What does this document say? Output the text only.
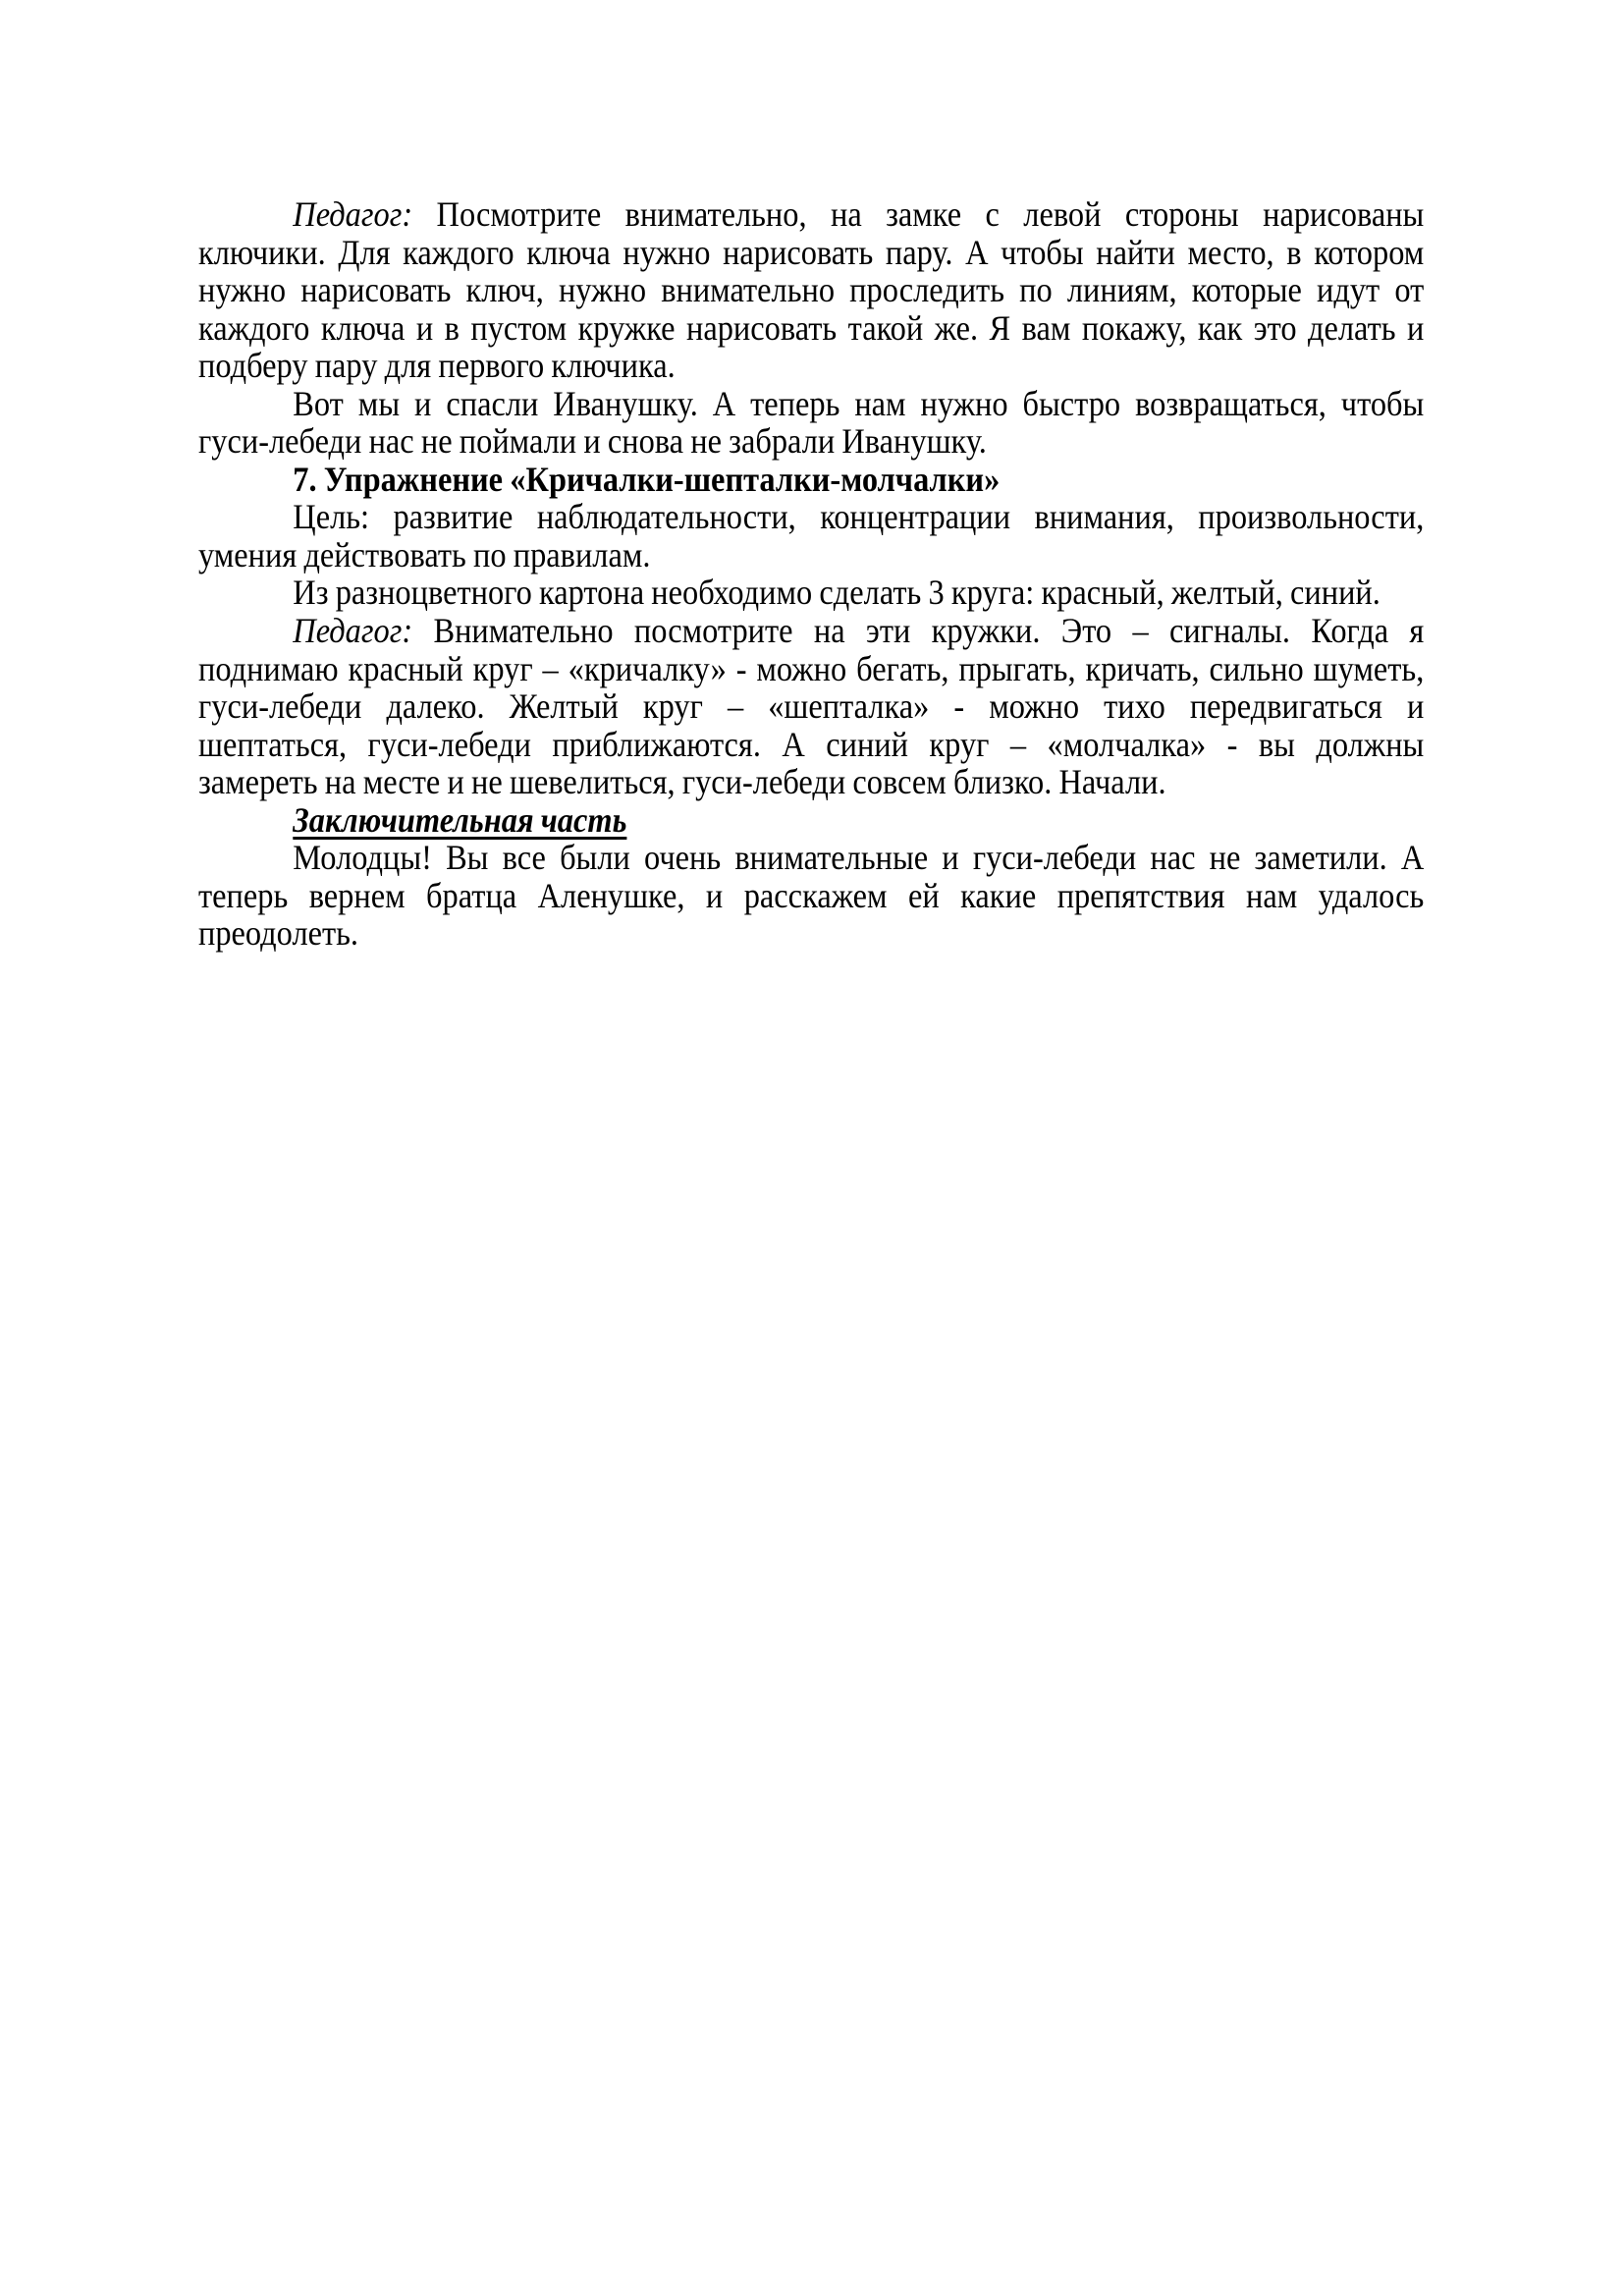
Педагог: Посмотрите внимательно, на замке с левой стороны нарисованы
ключики. Для каждого ключа нужно нарисовать пару. А чтобы найти место, в котором
нужно нарисовать ключ, нужно внимательно проследить по линиям, которые идут от
каждого ключа и в пустом кружке нарисовать такой же. Я вам покажу, как это делать и
подберу пару для первого ключика.
Вот мы и спасли Иванушку. А теперь нам нужно быстро возвращаться, чтобы
гуси-лебеди нас не поймали и снова не забрали Иванушку.
7. Упражнение «Кричалки-шепталки-молчалки»
Цель: развитие наблюдательности, концентрации внимания, произвольности,
умения действовать по правилам.
Из разноцветного картона необходимо сделать 3 круга: красный, желтый, синий.
Педагог: Внимательно посмотрите на эти кружки. Это – сигналы. Когда я
поднимаю красный круг – «кричалку» - можно бегать, прыгать, кричать, сильно шуметь,
гуси-лебеди далеко. Желтый круг – «шепталка» - можно тихо передвигаться и
шептаться, гуси-лебеди приближаются. А синий круг – «молчалка» - вы должны
замереть на месте и не шевелиться, гуси-лебеди совсем близко. Начали.
Заключительная часть
Молодцы! Вы все были очень внимательные и гуси-лебеди нас не заметили. А
теперь вернем братца Аленушке, и расскажем ей какие препятствия нам удалось
преодолеть.
